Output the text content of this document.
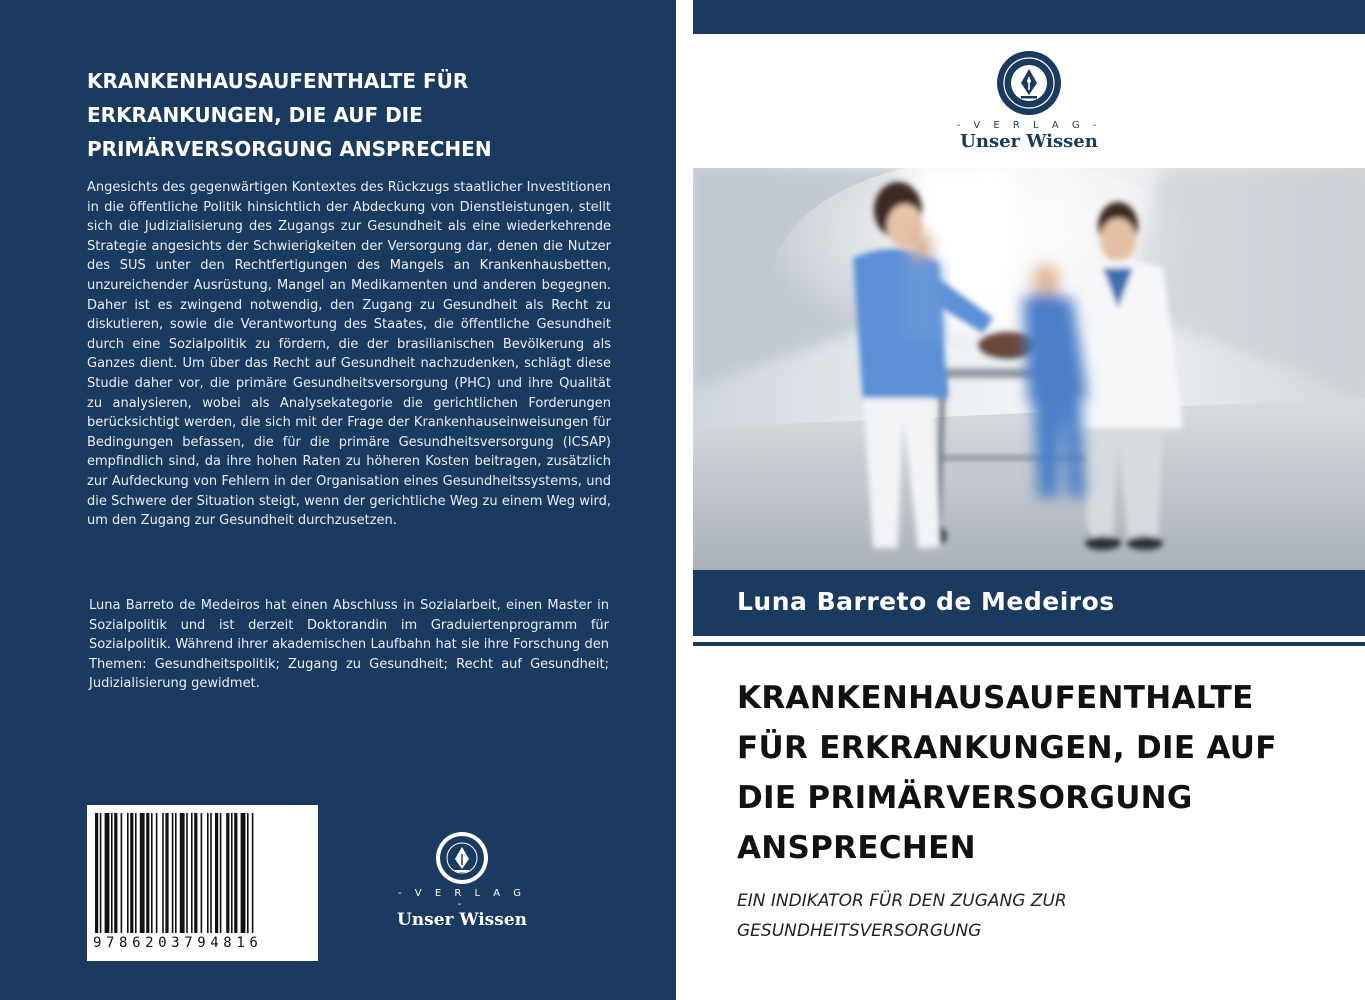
KRANKENHAUSAUFENTHALTE FÜR
ERKRANKUNGEN, DIE AUF DIE
PRIMÄRVERSORGUNG ANSPRECHEN

Angesichts des gegenwärtigen Kontextes des Rückzugs staatlicher Investitionen in die öffentliche Politik hinsichtlich der Abdeckung von Dienstleistungen, stellt sich die Judizialisierung des Zugangs zur Gesundheit als eine wiederkehrende Strategie angesichts der Schwierigkeiten der Versorgung dar, denen die Nutzer des SUS unter den Rechtfertigungen des Mangels an Krankenhausbetten, unzureichender Ausrüstung, Mangel an Medikamenten und anderen begegnen. Daher ist es zwingend notwendig, den Zugang zu Gesundheit als Recht zu diskutieren, sowie die Verantwortung des Staates, die öffentliche Gesundheit durch eine Sozialpolitik zu fördern, die der brasilianischen Bevölkerung als Ganzes dient. Um über das Recht auf Gesundheit nachzudenken, schlägt diese Studie daher vor, die primäre Gesundheitsversorgung (PHC) und ihre Qualität zu analysieren, wobei als Analysekategorie die gerichtlichen Forderungen berücksichtigt werden, die sich mit der Frage der Krankenhauseinweisungen für Bedingungen befassen, die für die primäre Gesundheitsversorgung (ICSAP) empfindlich sind, da ihre hohen Raten zu höheren Kosten beitragen, zusätzlich zur Aufdeckung von Fehlern in der Organisation eines Gesundheitssystems, und die Schwere der Situation steigt, wenn der gerichtliche Weg zu einem Weg wird, um den Zugang zur Gesundheit durchzusetzen.

Luna Barreto de Medeiros hat einen Abschluss in Sozialarbeit, einen Master in Sozialpolitik und ist derzeit Doktorandin im Graduiertenprogramm für Sozialpolitik. Während ihrer akademischen Laufbahn hat sie ihre Forschung den Themen: Gesundheitspolitik; Zugang zu Gesundheit; Recht auf Gesundheit; Judizialisierung gewidmet.

9786203794816
- V E R L A G -
Unser Wissen
- V E R L A G -
Unser Wissen
Luna Barreto de Medeiros
KRANKENHAUSAUFENTHALTE
FÜR ERKRANKUNGEN, DIE AUF
DIE PRIMÄRVERSORGUNG
ANSPRECHEN
EIN INDIKATOR FÜR DEN ZUGANG ZUR
GESUNDHEITSVERSORGUNG
